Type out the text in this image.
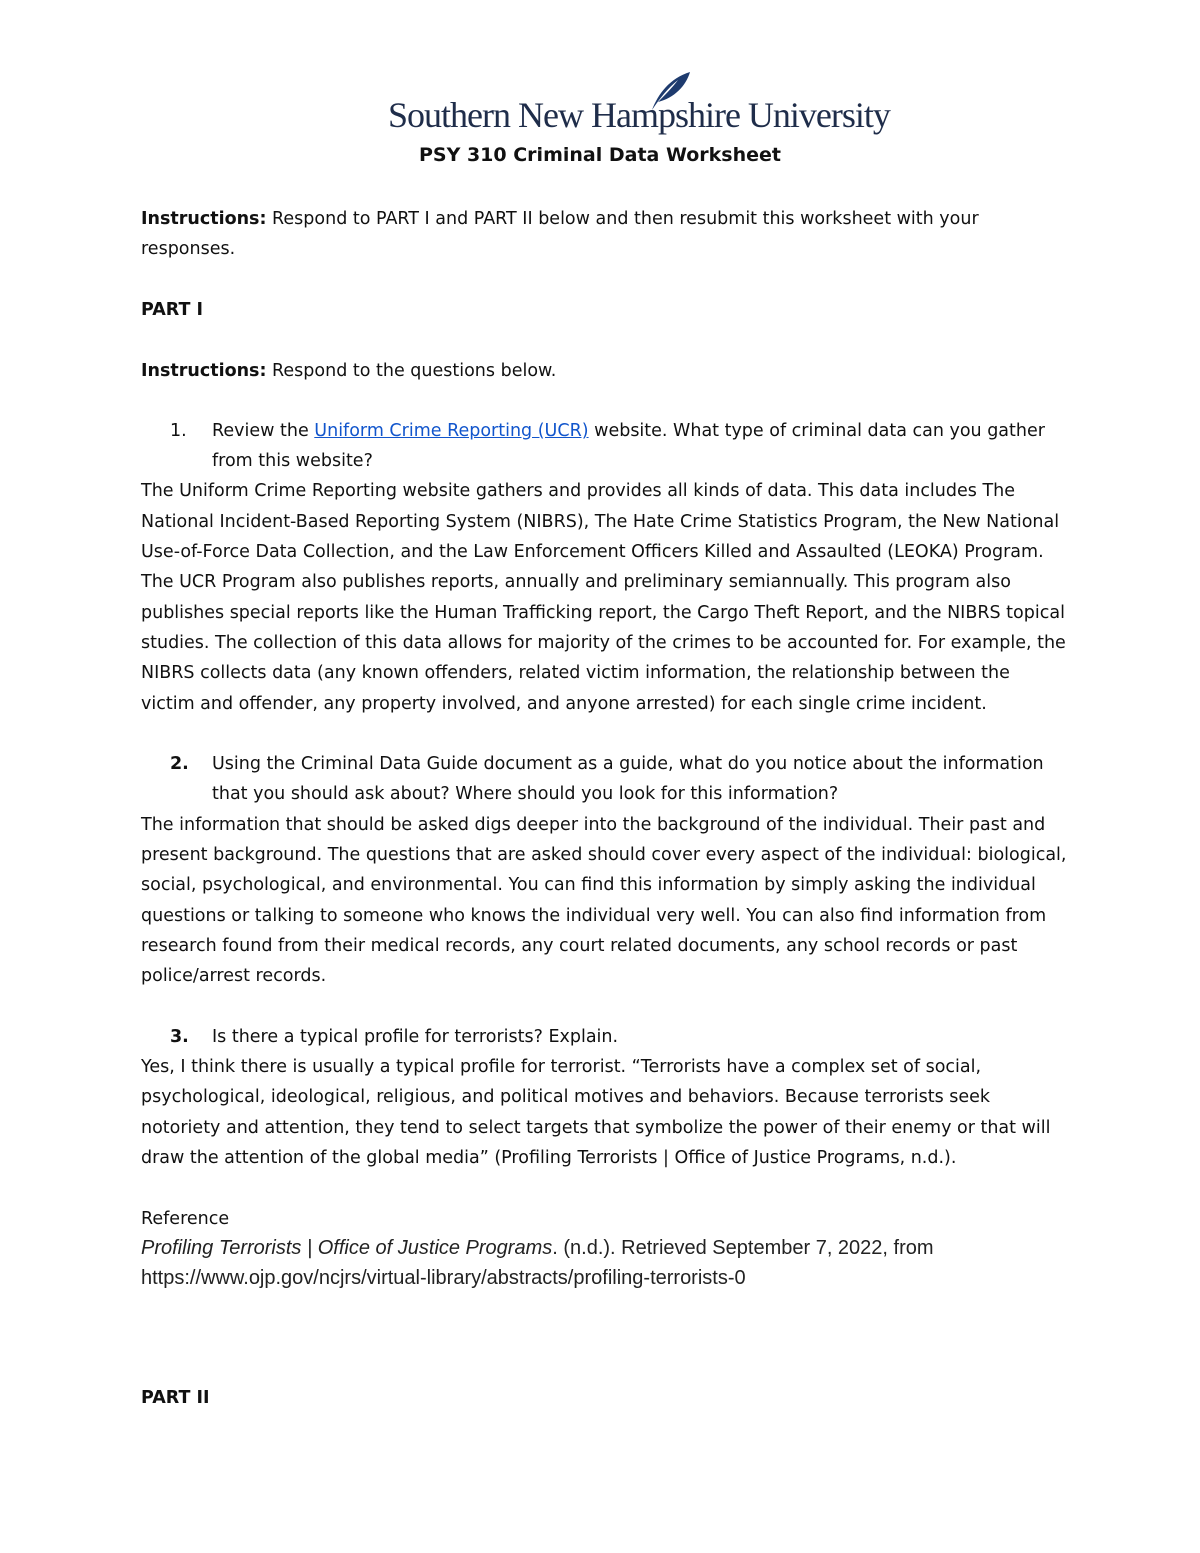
Southern New Hampshire University
PSY 310 Criminal Data Worksheet
Instructions: Respond to PART I and PART II below and then resubmit this worksheet with your
responses.
PART I
Instructions: Respond to the questions below.
1. Review the Uniform Crime Reporting (UCR) website. What type of criminal data can you gather
from this website?
The Uniform Crime Reporting website gathers and provides all kinds of data. This data includes The
National Incident-Based Reporting System (NIBRS), The Hate Crime Statistics Program, the New National
Use-of-Force Data Collection, and the Law Enforcement Officers Killed and Assaulted (LEOKA) Program.
The UCR Program also publishes reports, annually and preliminary semiannually. This program also
publishes special reports like the Human Trafficking report, the Cargo Theft Report, and the NIBRS topical
studies. The collection of this data allows for majority of the crimes to be accounted for. For example, the
NIBRS collects data (any known offenders, related victim information, the relationship between the
victim and offender, any property involved, and anyone arrested) for each single crime incident.
2. Using the Criminal Data Guide document as a guide, what do you notice about the information
that you should ask about? Where should you look for this information?
The information that should be asked digs deeper into the background of the individual. Their past and
present background. The questions that are asked should cover every aspect of the individual: biological,
social, psychological, and environmental. You can find this information by simply asking the individual
questions or talking to someone who knows the individual very well. You can also find information from
research found from their medical records, any court related documents, any school records or past
police/arrest records.
3. Is there a typical profile for terrorists? Explain.
Yes, I think there is usually a typical profile for terrorist. “Terrorists have a complex set of social,
psychological, ideological, religious, and political motives and behaviors. Because terrorists seek
notoriety and attention, they tend to select targets that symbolize the power of their enemy or that will
draw the attention of the global media” (Profiling Terrorists | Office of Justice Programs, n.d.).
Reference
Profiling Terrorists | Office of Justice Programs. (n.d.). Retrieved September 7, 2022, from
https://www.ojp.gov/ncjrs/virtual-library/abstracts/profiling-terrorists-0
PART II
